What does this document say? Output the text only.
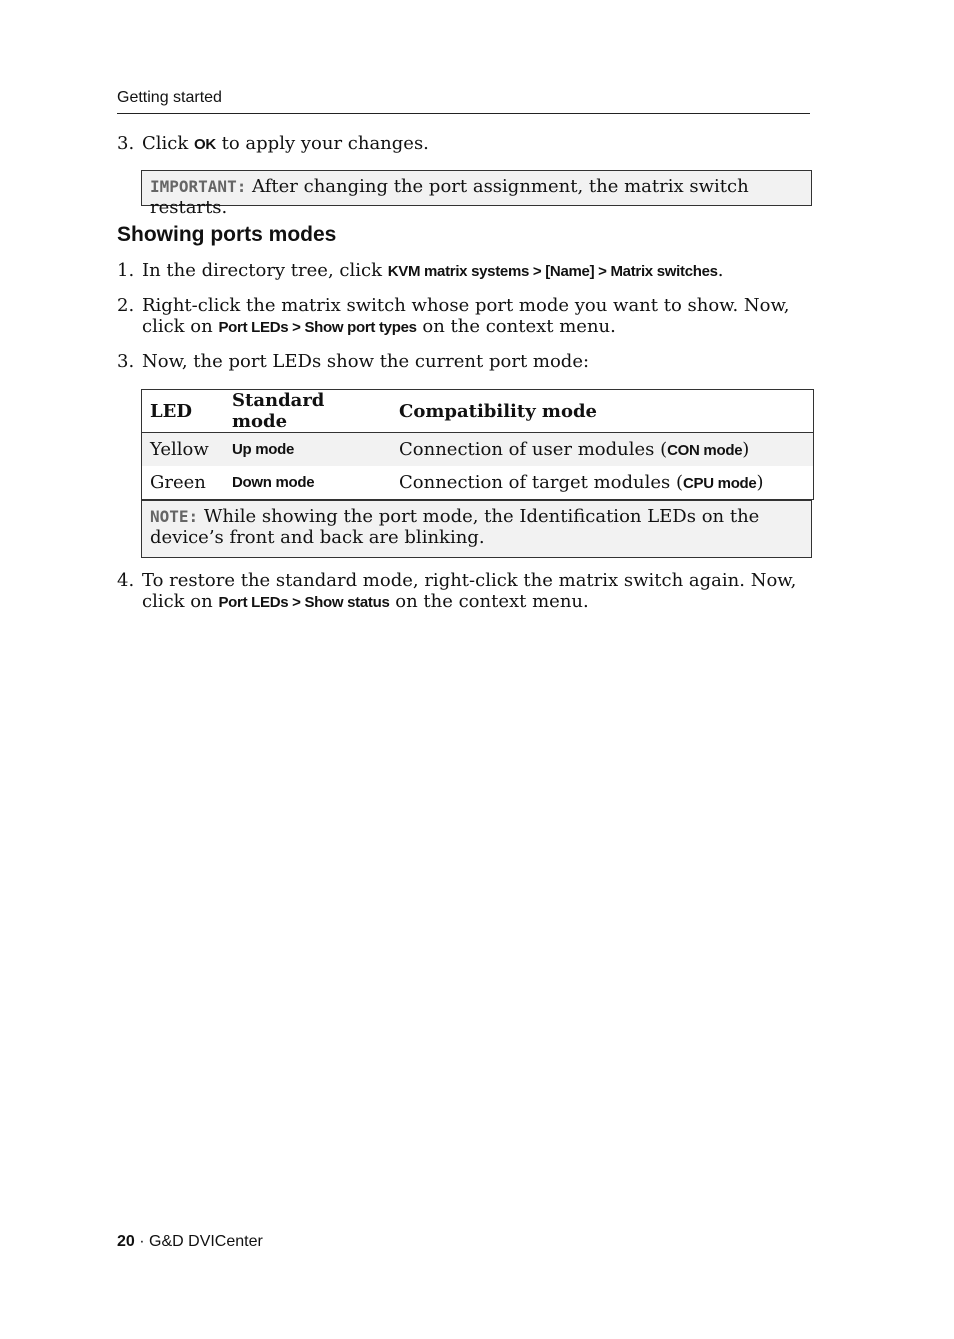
Getting started
3. Click OK to apply your changes.
IMPORTANT: After changing the port assignment, the matrix switch restarts.
Showing ports modes
1. In the directory tree, click KVM matrix systems > [Name] > Matrix switches.
2. Right-click the matrix switch whose port mode you want to show. Now, click on Port LEDs > Show port types on the context menu.
3. Now, the port LEDs show the current port mode:
LED	Standard mode	Compatibility mode
Yellow	Up mode	Connection of user modules (CON mode)
Green	Down mode	Connection of target modules (CPU mode)
NOTE: While showing the port mode, the Identification LEDs on the device’s front and back are blinking.
4. To restore the standard mode, right-click the matrix switch again. Now, click on Port LEDs > Show status on the context menu.
20 · G&D DVICenter
